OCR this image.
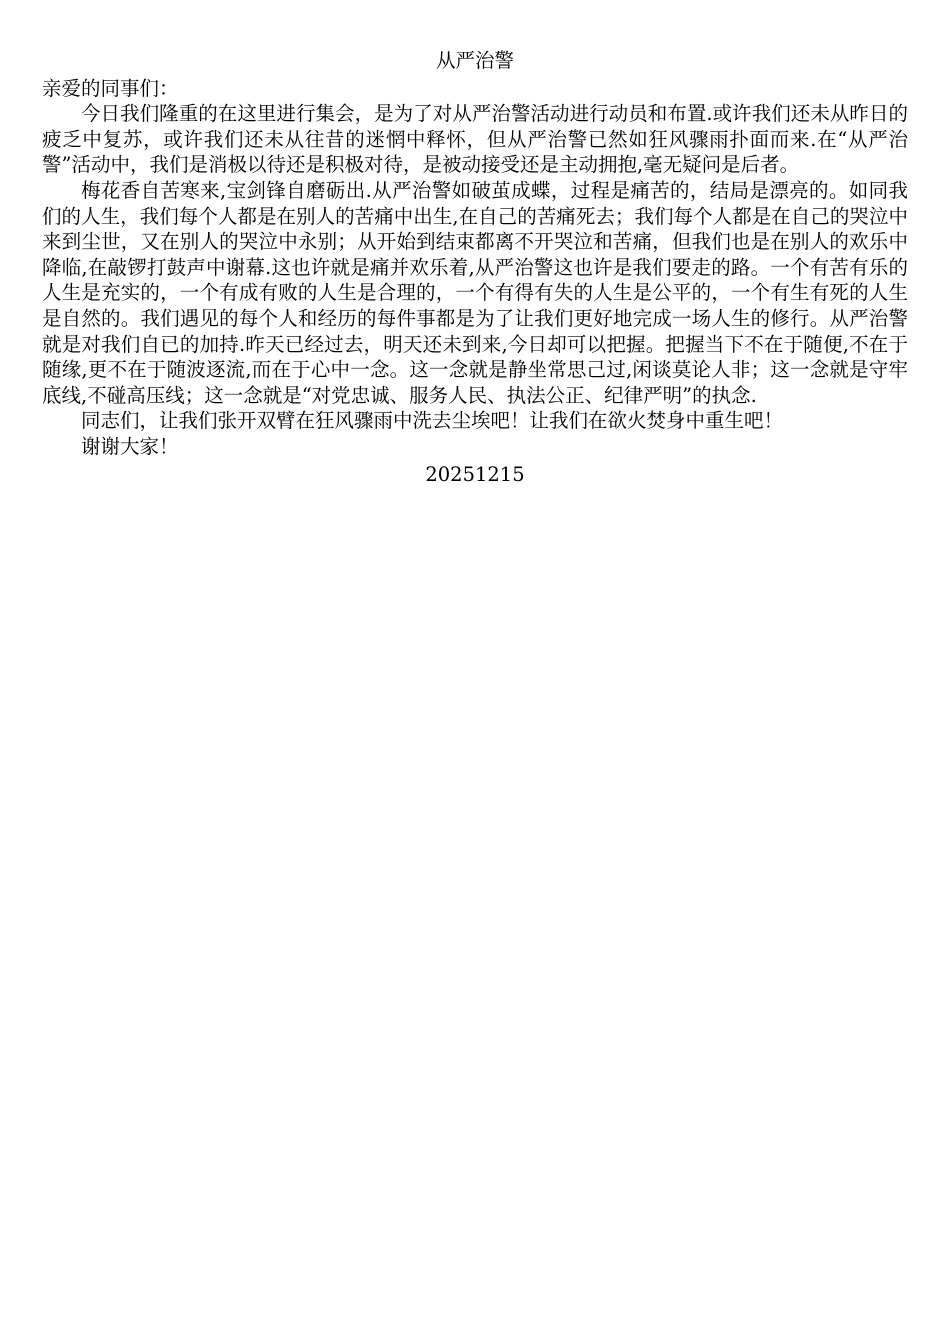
从严治警

亲爱的同事们：

今日我们隆重的在这里进行集会，是为了对从严治警活动进行动员和布置.或许我们还未从昨日的疲乏中复苏，或许我们还未从往昔的迷惘中释怀，但从严治警已然如狂风骤雨扑面而来.在“从严治警”活动中，我们是消极以待还是积极对待，是被动接受还是主动拥抱,毫无疑问是后者。

梅花香自苦寒来,宝剑锋自磨砺出.从严治警如破茧成蝶，过程是痛苦的，结局是漂亮的。如同我们的人生，我们每个人都是在别人的苦痛中出生,在自己的苦痛死去；我们每个人都是在自己的哭泣中来到尘世，又在别人的哭泣中永别；从开始到结束都离不开哭泣和苦痛，但我们也是在别人的欢乐中降临,在敲锣打鼓声中谢幕.这也许就是痛并欢乐着,从严治警这也许是我们要走的路。一个有苦有乐的人生是充实的，一个有成有败的人生是合理的，一个有得有失的人生是公平的，一个有生有死的人生是自然的。我们遇见的每个人和经历的每件事都是为了让我们更好地完成一场人生的修行。从严治警就是对我们自已的加持.昨天已经过去，明天还未到来,今日却可以把握。把握当下不在于随便,不在于随缘,更不在于随波逐流,而在于心中一念。这一念就是静坐常思己过,闲谈莫论人非；这一念就是守牢底线,不碰高压线；这一念就是“对党忠诚、服务人民、执法公正、纪律严明”的执念.

同志们，让我们张开双臂在狂风骤雨中洗去尘埃吧！让我们在欲火焚身中重生吧！

谢谢大家！

20251215
